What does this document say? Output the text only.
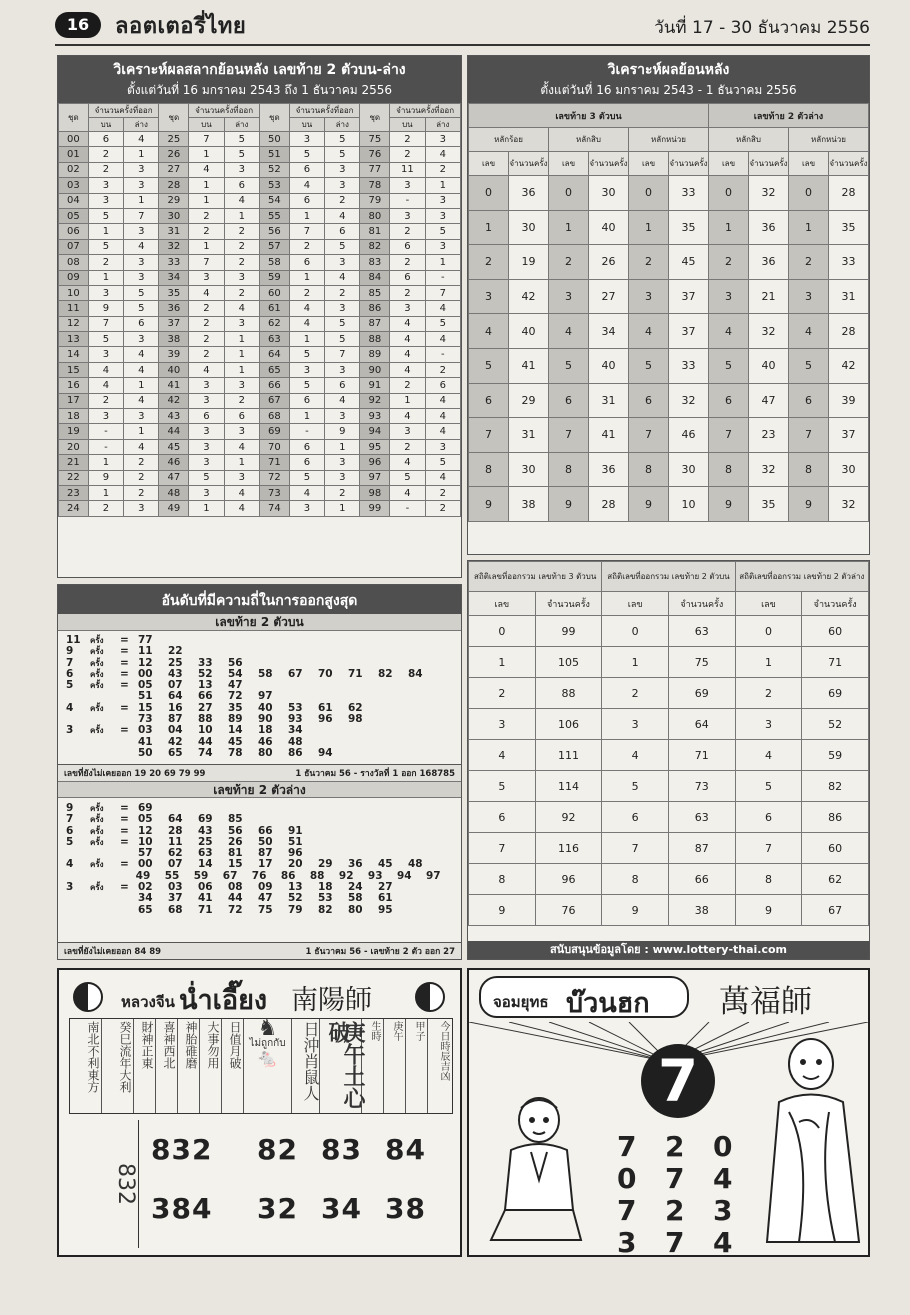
16	ลอตเตอรี่ไทย	วันที่ 17 - 30 ธันวาคม 2556
วิเคราะห์ผลสลากย้อนหลัง เลขท้าย 2 ตัวบน-ล่าง
ตั้งแต่วันที่ 16 มกราคม 2543 ถึง 1 ธันวาคม 2556
ชุด	จำนวนครั้งที่ออก		ชุด	จำนวนครั้งที่ออก		ชุด	จำนวนครั้งที่ออก		ชุด	จำนวนครั้งที่ออก	
	บน	ล่าง		บน	ล่าง		บน	ล่าง		บน	ล่าง
00	6	4	25	7	5	50	3	5	75	2	3
01	2	1	26	1	5	51	5	5	76	2	4
02	2	3	27	4	3	52	6	3	77	11	2
03	3	3	28	1	6	53	4	3	78	3	1
04	3	1	29	1	4	54	6	2	79	-	3
05	5	7	30	2	1	55	1	4	80	3	3
06	1	3	31	2	2	56	7	6	81	2	5
07	5	4	32	1	2	57	2	5	82	6	3
08	2	3	33	7	2	58	6	3	83	2	1
09	1	3	34	3	3	59	1	4	84	6	-
10	3	5	35	4	2	60	2	2	85	2	7
11	9	5	36	2	4	61	4	3	86	3	4
12	7	6	37	2	3	62	4	5	87	4	5
13	5	3	38	2	1	63	1	5	88	4	4
14	3	4	39	2	1	64	5	7	89	4	-
15	4	4	40	4	1	65	3	3	90	4	2
16	4	1	41	3	3	66	5	6	91	2	6
17	2	4	42	3	2	67	6	4	92	1	4
18	3	3	43	6	6	68	1	3	93	4	4
19	-	1	44	3	3	69	-	9	94	3	4
20	-	4	45	3	4	70	6	1	95	2	3
21	1	2	46	3	1	71	6	3	96	4	5
22	9	2	47	5	3	72	5	3	97	5	4
23	1	2	48	3	4	73	4	2	98	4	2
24	2	3	49	1	4	74	3	1	99	-	2
วิเคราะห์ผลย้อนหลัง
ตั้งแต่วันที่ 16 มกราคม 2543 - 1 ธันวาคม 2556
เลขท้าย 3 ตัวบน						เลขท้าย 2 ตัวล่าง			
หลักร้อย		หลักสิบ		หลักหน่วย		หลักสิบ		หลักหน่วย	
เลข	จำนวนครั้ง	เลข	จำนวนครั้ง	เลข	จำนวนครั้ง	เลข	จำนวนครั้ง	เลข	จำนวนครั้ง
0	36	0	30	0	33	0	32	0	28
1	30	1	40	1	35	1	36	1	35
2	19	2	26	2	45	2	36	2	33
3	42	3	27	3	37	3	21	3	31
4	40	4	34	4	37	4	32	4	28
5	41	5	40	5	33	5	40	5	42
6	29	6	31	6	32	6	47	6	39
7	31	7	41	7	46	7	23	7	37
8	30	8	36	8	30	8	32	8	30
9	38	9	28	9	10	9	35	9	32
สถิติเลขที่ออกรวม เลขท้าย 3 ตัวบน		สถิติเลขที่ออกรวม เลขท้าย 2 ตัวบน		สถิติเลขที่ออกรวม เลขท้าย 2 ตัวล่าง	
เลข	จำนวนครั้ง	เลข	จำนวนครั้ง	เลข	จำนวนครั้ง
0	99	0	63	0	60
1	105	1	75	1	71
2	88	2	69	2	69
3	106	3	64	3	52
4	111	4	71	4	59
5	114	5	73	5	82
6	92	6	63	6	86
7	116	7	87	7	60
8	96	8	66	8	62
9	76	9	38	9	67
สนับสนุนข้อมูลโดย : www.lottery-thai.com
อันดับที่มีความถี่ในการออกสูงสุด
เลขท้าย 2 ตัวบน
11	ครั้ง	= 77
9	ครั้ง	= 11	22
7	ครั้ง	= 12	25	33	56
6	ครั้ง	= 00	43	52	54	58	67	70	71	82	84
5	ครั้ง	= 05	07	13	47
51	64	66	72	97
4	ครั้ง	= 15	16	27	35	40	53	61	62
73	87	88	89	90	93	96	98
3	ครั้ง	= 03	04	10	14	18	34
41	42	44	45	46	48
50	65	74	78	80	86	94
เลขที่ยังไม่เคยออก 19 20 69 79 99	1 ธันวาคม 56 - รางวัลที่ 1 ออก 168785
เลขท้าย 2 ตัวล่าง
9	ครั้ง	= 69
7	ครั้ง	= 05	64	69	85
6	ครั้ง	= 12	28	43	56	66	91
5	ครั้ง	= 10	11	25	26	50	51
57	62	63	81	87	96
4	ครั้ง	= 00	07	14	15	17	20	29	36	45	48
49	55	59	67	76	86	88	92	93	94	97
3	ครั้ง	= 02	03	06	08	09	13	18	24	27
34	37	41	44	47	52	53	58	61
65	68	71	72	75	79	82	80	95
เลขที่ยังไม่เคยออก 84 89	1 ธันวาคม 56 - เลขท้าย 2 ตัว ออก 27
หลวงจีน น่ำเอี๊ยง 南陽師
南北不利東方	癸巳流年大利 財神正東 喜神西北 神胎碓磨 大事勿用 日值月破 ♞
ไม่ถูกกับ
🐁	日沖肖鼠人 庚午土心破	生時	庚午	甲子	今日時辰吉凶
832
832 82 83 84
384 32 34 38
จอมยุทธ บ๊วนฮก 萬福師
7
7 2 0
0 7 4
7 2 3
3 7 4
